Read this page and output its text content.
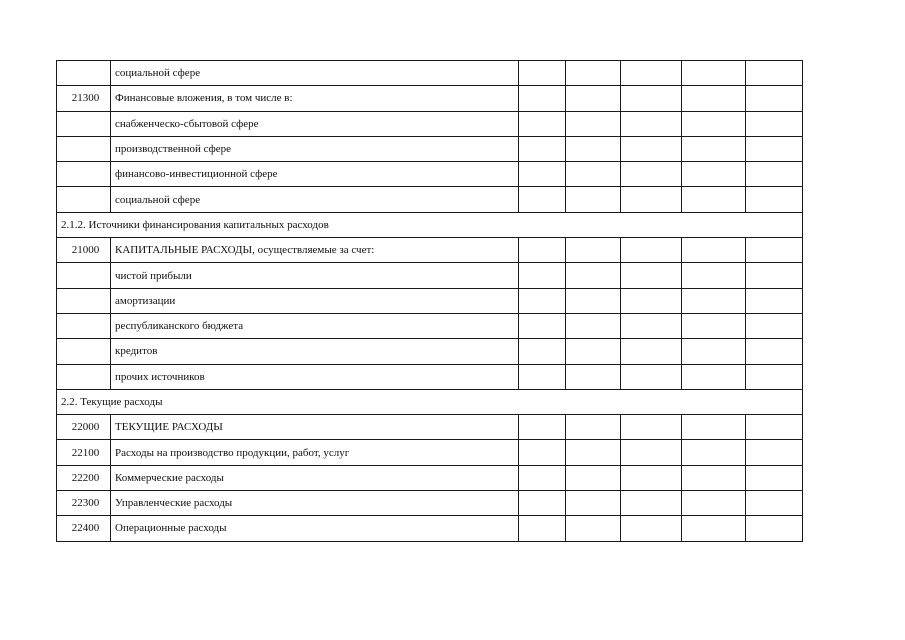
	социальной сфере					
21300	Финансовые вложения, в том числе в:					
	снабженческо-сбытовой сфере					
	производственной сфере					
	финансово-инвестиционной сфере					
	социальной сфере					
2.1.2. Источники финансирования капитальных расходов						
21000	КАПИТАЛЬНЫЕ РАСХОДЫ, осуществляемые за счет:					
	чистой прибыли					
	амортизации					
	республиканского бюджета					
	кредитов					
	прочих источников					
2.2. Текущие расходы						
22000	ТЕКУЩИЕ РАСХОДЫ					
22100	Расходы на производство продукции, работ, услуг					
22200	Коммерческие расходы					
22300	Управленческие расходы					
22400	Операционные расходы					
